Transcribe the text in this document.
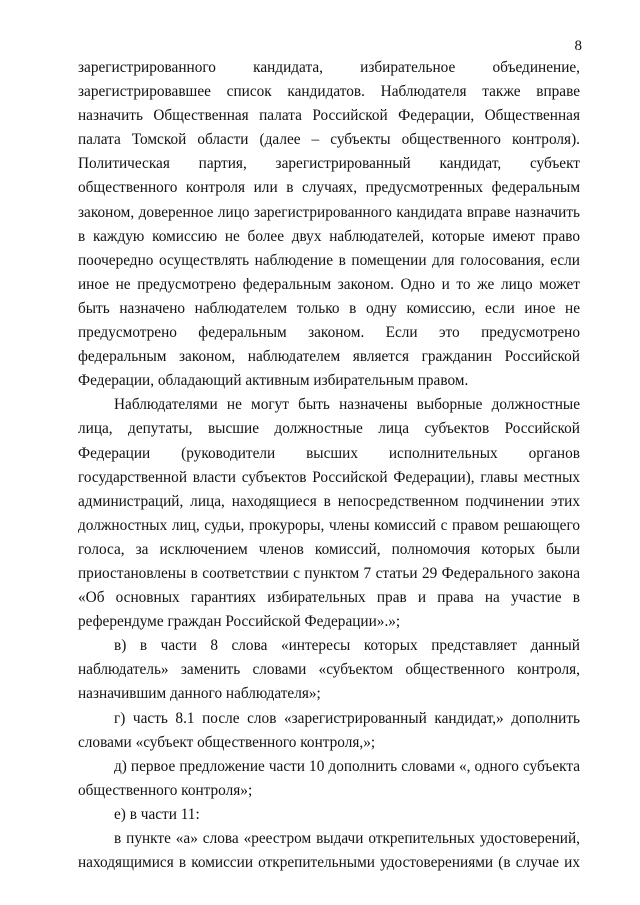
8

зарегистрированного кандидата, избирательное объединение, зарегистрировавшее список кандидатов. Наблюдателя также вправе назначить Общественная палата Российской Федерации, Общественная палата Томской области (далее – субъекты общественного контроля). Политическая партия, зарегистрированный кандидат, субъект общественного контроля или в случаях, предусмотренных федеральным законом, доверенное лицо зарегистрированного кандидата вправе назначить в каждую комиссию не более двух наблюдателей, которые имеют право поочередно осуществлять наблюдение в помещении для голосования, если иное не предусмотрено федеральным законом. Одно и то же лицо может быть назначено наблюдателем только в одну комиссию, если иное не предусмотрено федеральным законом. Если это предусмотрено федеральным законом, наблюдателем является гражданин Российской Федерации, обладающий активным избирательным правом.

Наблюдателями не могут быть назначены выборные должностные лица, депутаты, высшие должностные лица субъектов Российской Федерации (руководители высших исполнительных органов государственной власти субъектов Российской Федерации), главы местных администраций, лица, находящиеся в непосредственном подчинении этих должностных лиц, судьи, прокуроры, члены комиссий с правом решающего голоса, за исключением членов комиссий, полномочия которых были приостановлены в соответствии с пунктом 7 статьи 29 Федерального закона «Об основных гарантиях избирательных прав и права на участие в референдуме граждан Российской Федерации».»;

в) в части 8 слова «интересы которых представляет данный наблюдатель» заменить словами «субъектом общественного контроля, назначившим данного наблюдателя»;

г) часть 8.1 после слов «зарегистрированный кандидат,» дополнить словами «субъект общественного контроля,»;

д) первое предложение части 10 дополнить словами «, одного субъекта общественного контроля»;

е) в части 11:

в пункте «а» слова «реестром выдачи открепительных удостоверений, находящимися в комиссии открепительными удостоверениями (в случае их
